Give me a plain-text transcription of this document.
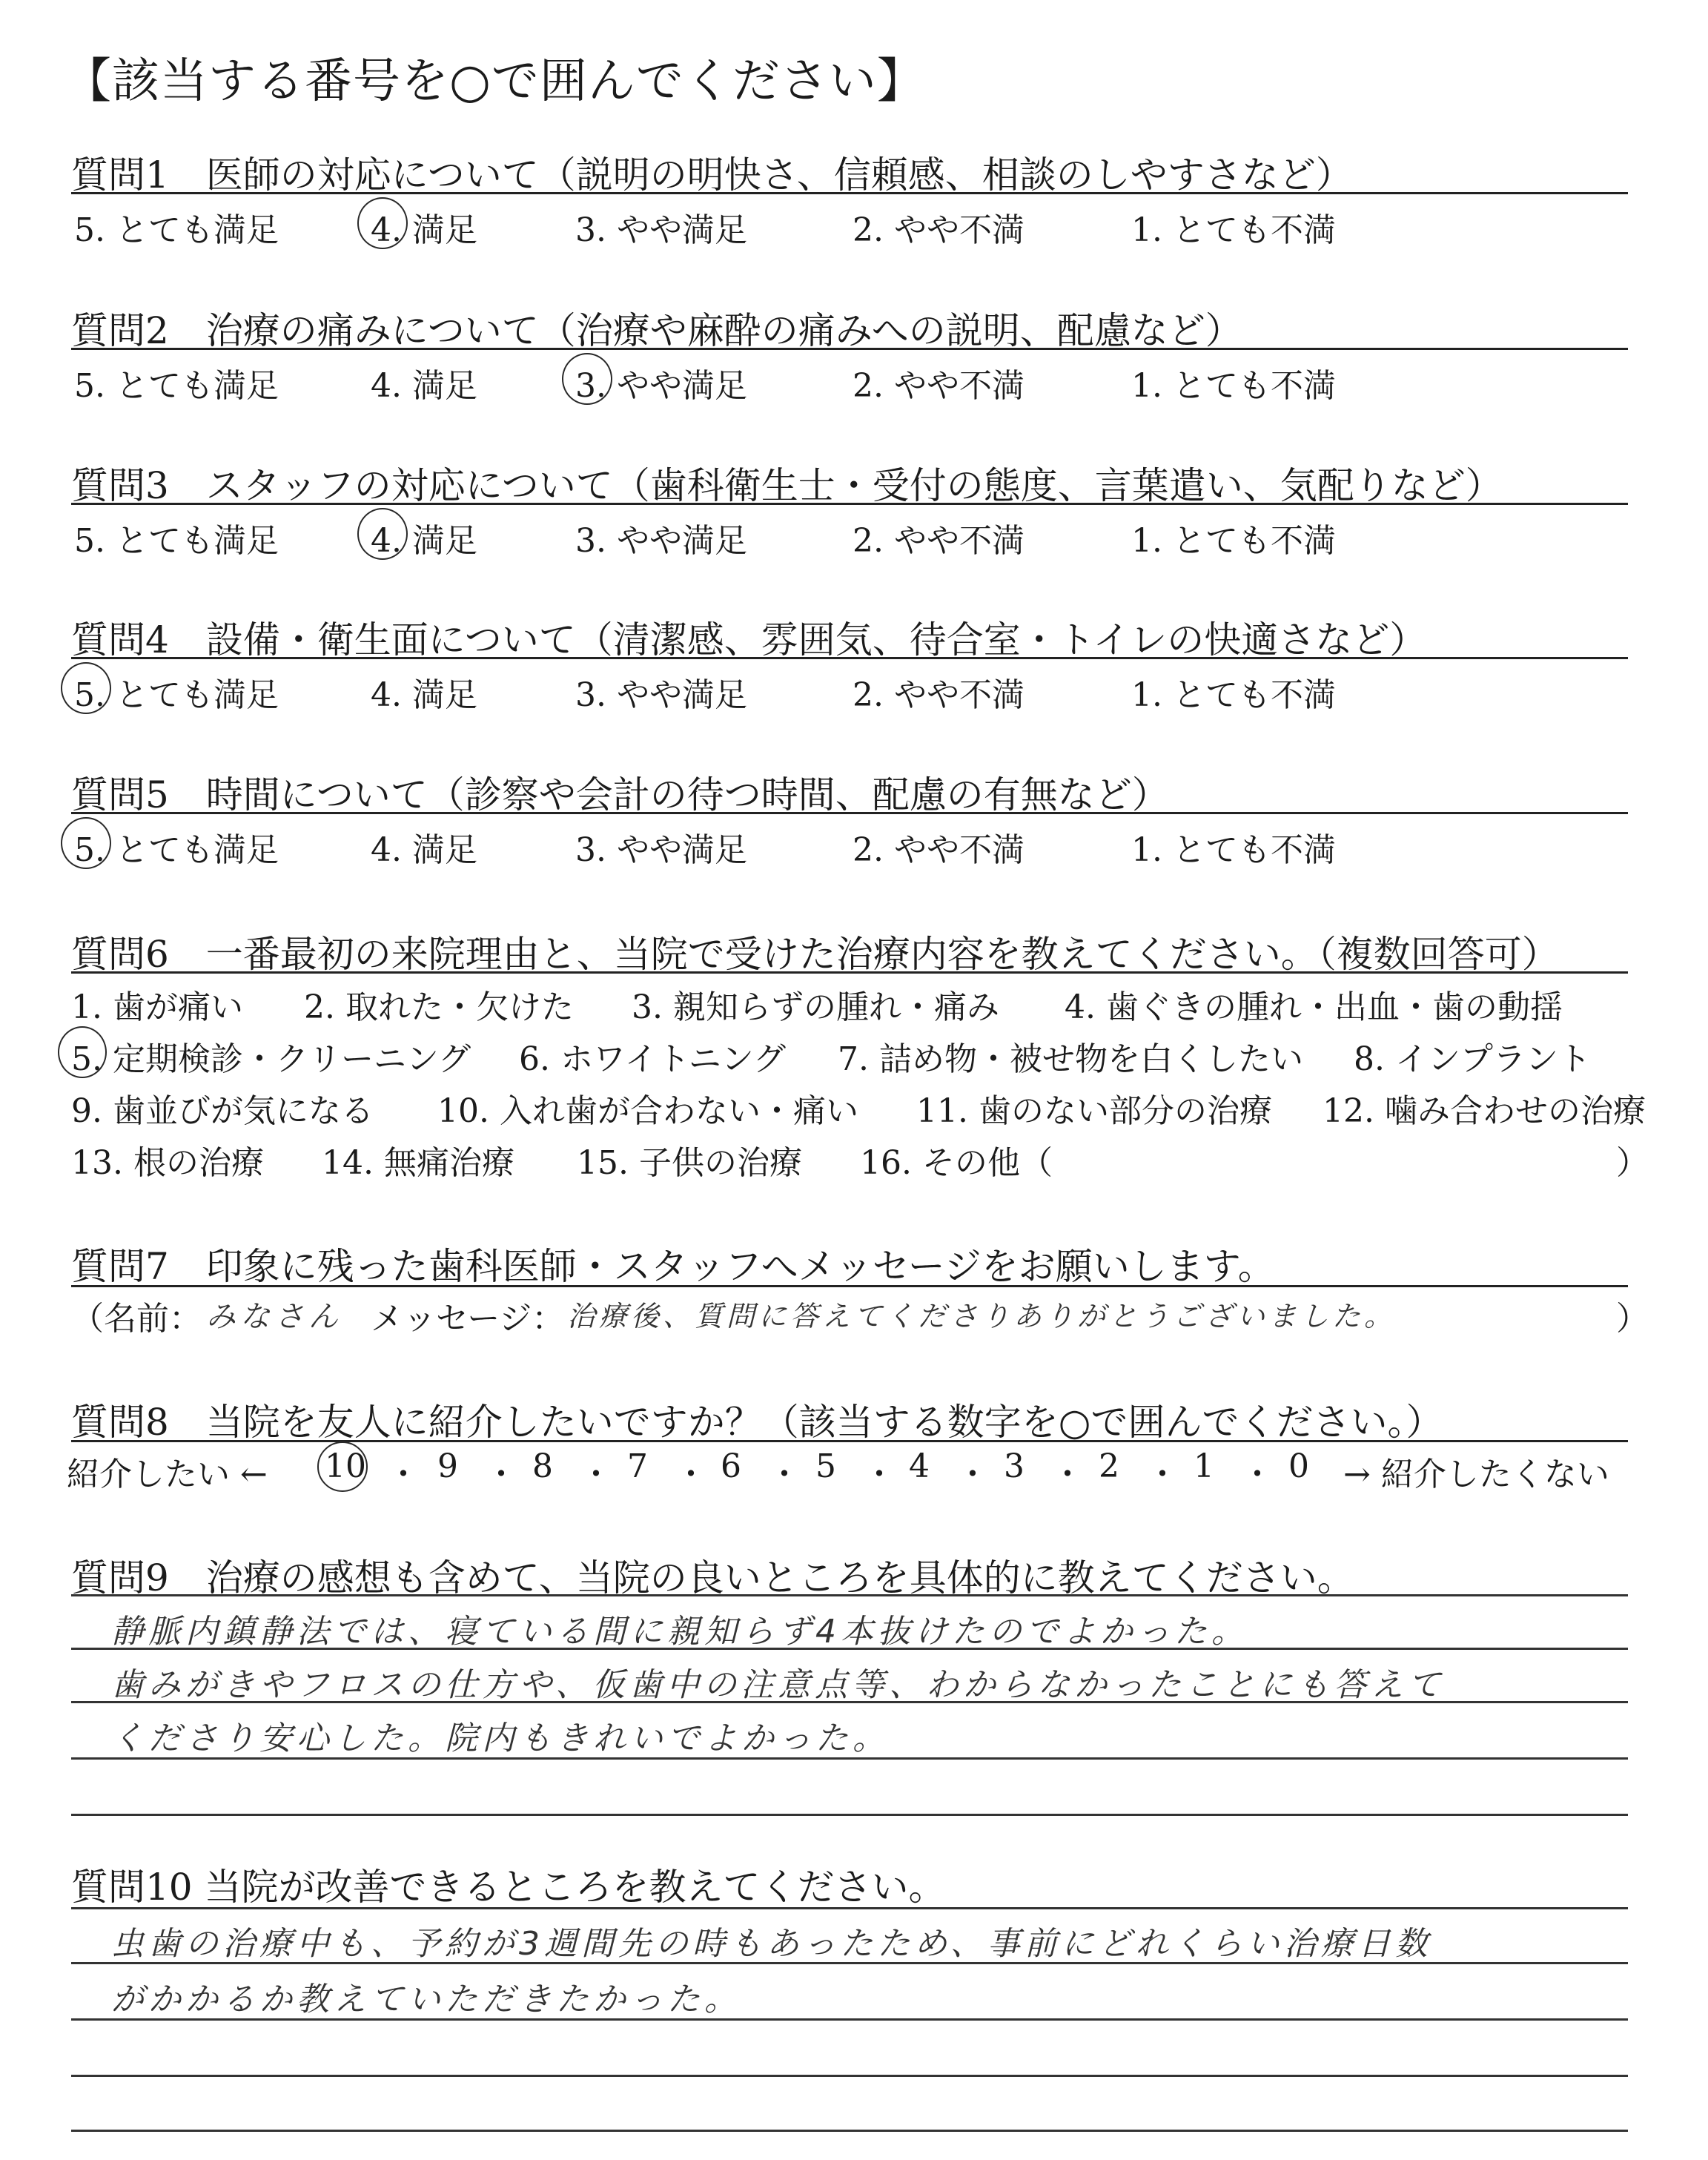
【該当する番号を○で囲んでください】
質問1　医師の対応について（説明の明快さ、信頼感、相談のしやすさなど）
5. とても満足	4. 満足	3. やや満足	2. やや不満	1. とても不満
質問2　治療の痛みについて（治療や麻酔の痛みへの説明、配慮など）
5. とても満足	4. 満足	3. やや満足	2. やや不満	1. とても不満
質問3　スタッフの対応について（歯科衛生士・受付の態度、言葉遣い、気配りなど）
5. とても満足	4. 満足	3. やや満足	2. やや不満	1. とても不満
質問4　設備・衛生面について（清潔感、雰囲気、待合室・トイレの快適さなど）
5. とても満足	4. 満足	3. やや満足	2. やや不満	1. とても不満
質問5　時間について（診察や会計の待つ時間、配慮の有無など）
5. とても満足	4. 満足	3. やや満足	2. やや不満	1. とても不満
質問6　一番最初の来院理由と、当院で受けた治療内容を教えてください。（複数回答可）
1. 歯が痛い 2. 取れた・欠けた 3. 親知らずの腫れ・痛み 4. 歯ぐきの腫れ・出血・歯の動揺
5. 定期検診・クリーニング 6. ホワイトニング 7. 詰め物・被せ物を白くしたい 8. インプラント
9. 歯並びが気になる 10. 入れ歯が合わない・痛い 11. 歯のない部分の治療 12. 噛み合わせの治療
13. 根の治療 14. 無痛治療 15. 子供の治療 16. その他（	）
質問7　印象に残った歯科医師・スタッフへメッセージをお願いします。
（名前： みなさん メッセージ： 治療後、質問に答えてくださりありがとうございました。	）
質問8　当院を友人に紹介したいですか？（該当する数字を○で囲んでください。）
紹介したい ← 10 ・ 9 ・ 8 ・ 7 ・ 6 ・ 5 ・ 4 ・ 3 ・ 2 ・ 1 ・ 0 → 紹介したくない
質問9　治療の感想も含めて、当院の良いところを具体的に教えてください。
静脈内鎮静法では、寝ている間に親知らず4本抜けたのでよかった。
歯みがきやフロスの仕方や、仮歯中の注意点等、わからなかったことにも答えて
くださり安心した。院内もきれいでよかった。
質問10 当院が改善できるところを教えてください。
虫歯の治療中も、予約が3週間先の時もあったため、事前にどれくらい治療日数
がかかるか教えていただきたかった。
